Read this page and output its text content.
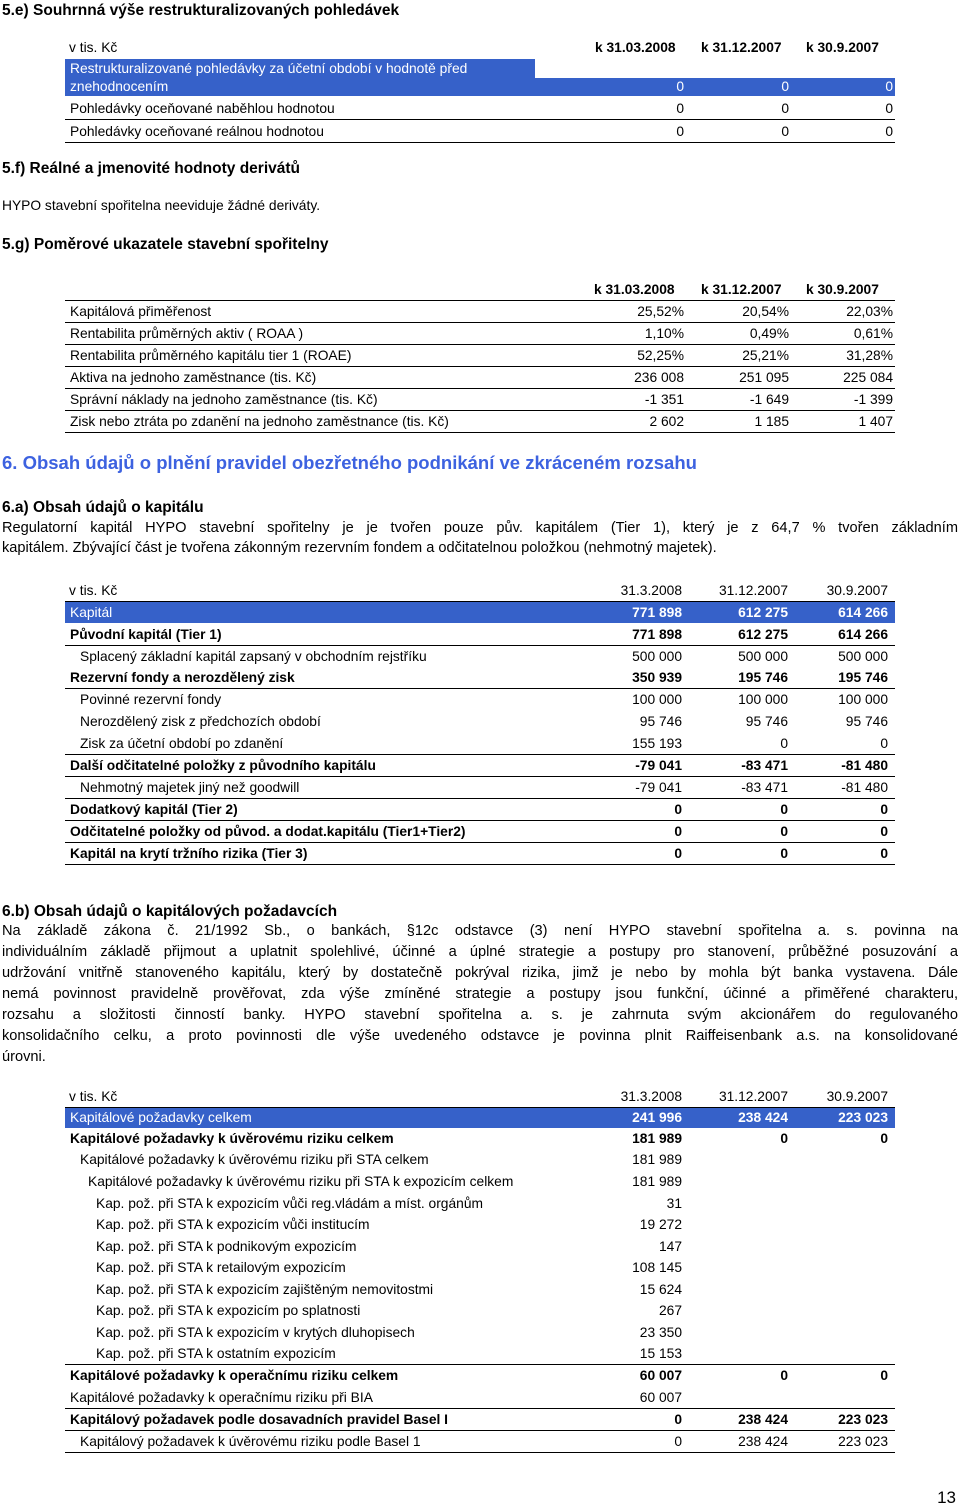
5.e) Souhrnná výše restrukturalizovaných pohledávek
v tis. Kč	k 31.03.2008 k 31.12.2007 k 30.9.2007
Restrukturalizované pohledávky za účetní období v hodnotě před
znehodnocením	0	0	0
Pohledávky oceňované naběhlou hodnotou	0	0	0
Pohledávky oceňované reálnou hodnotou	0	0	0
5.f) Reálné a jmenovité hodnoty derivátů
HYPO stavební spořitelna neeviduje žádné deriváty.
5.g) Poměrové ukazatele stavební spořitelny
k 31.03.2008 k 31.12.2007 k 30.9.2007
Kapitálová přiměřenost	25,52%	20,54%	22,03%
Rentabilita průměrných aktiv ( ROAA )	1,10%	0,49%	0,61%
Rentabilita průměrného kapitálu tier 1 (ROAE)	52,25%	25,21%	31,28%
Aktiva na jednoho zaměstnance (tis. Kč)	236 008	251 095	225 084
Správní náklady na jednoho zaměstnance (tis. Kč)	-1 351	-1 649	-1 399
Zisk nebo ztráta po zdanění na jednoho zaměstnance (tis. Kč)	2 602	1 185	1 407
6. Obsah údajů o plnění pravidel obezřetného podnikání ve zkráceném rozsahu
6.a) Obsah údajů o kapitálu
Regulatorní kapitál HYPO stavební spořitelny je je tvořen pouze pův. kapitálem (Tier 1), který je z 64,7 % tvořen základním
kapitálem. Zbývající část je tvořena zákonným rezervním fondem a odčitatelnou položkou (nehmotný majetek).
v tis. Kč	31.3.2008	31.12.2007	30.9.2007
Kapitál	771 898	612 275	614 266
Původní kapitál (Tier 1)	771 898	612 275	614 266
Splacený základní kapitál zapsaný v obchodním rejstříku	500 000	500 000	500 000
Rezervní fondy a nerozdělený zisk	350 939	195 746	195 746
Povinné rezervní fondy	100 000	100 000	100 000
Nerozdělený zisk z předchozích období	95 746	95 746	95 746
Zisk za účetní období po zdanění	155 193	0	0
Další odčitatelné položky z původního kapitálu	-79 041	-83 471	-81 480
Nehmotný majetek jiný než goodwill	-79 041	-83 471	-81 480
Dodatkový kapitál (Tier 2)	0	0	0
Odčitatelné položky od původ. a dodat.kapitálu (Tier1+Tier2)	0	0	0
Kapitál na krytí tržního rizika (Tier 3)	0	0	0
6.b) Obsah údajů o kapitálových požadavcích
Na základě zákona č. 21/1992 Sb., o bankách, §12c odstavce (3) není HYPO stavební spořitelna a. s. povinna na
individuálním základě přijmout a uplatnit spolehlivé, účinné a úplné strategie a postupy pro stanovení, průběžné posuzování a
udržování vnitřně stanoveného kapitálu, který by dostatečně pokrýval rizika, jimž je nebo by mohla být banka vystavena. Dále
nemá povinnost pravidelně prověřovat, zda výše zmíněné strategie a postupy jsou funkční, účinné a přiměřené charakteru,
rozsahu a složitosti činností banky. HYPO stavební spořitelna a. s. je zahrnuta svým akcionářem do regulovaného
konsolidačního celku, a proto povinnosti dle výše uvedeného odstavce je povinna plnit Raiffeisenbank a.s. na konsolidované
úrovni.
v tis. Kč	31.3.2008	31.12.2007	30.9.2007
Kapitálové požadavky celkem	241 996	238 424	223 023
Kapitálové požadavky k úvěrovému riziku celkem	181 989	0	0
Kapitálové požadavky k úvěrovému riziku při STA celkem	181 989
Kapitálové požadavky k úvěrovému riziku při STA k expozicím celkem	181 989
Kap. pož. při STA k expozicím vůči reg.vládám a míst. orgánům	31
Kap. pož. při STA k expozicím vůči institucím	19 272
Kap. pož. při STA k podnikovým expozicím	147
Kap. pož. při STA k retailovým expozicím	108 145
Kap. pož. při STA k expozicím zajištěným nemovitostmi	15 624
Kap. pož. při STA k expozicím po splatnosti	267
Kap. pož. při STA k expozicím v krytých dluhopisech	23 350
Kap. pož. při STA k ostatním expozicím	15 153
Kapitálové požadavky k operačnímu riziku celkem	60 007	0	0
Kapitálové požadavky k operačnímu riziku při BIA	60 007
Kapitálový požadavek podle dosavadních pravidel Basel I	0	238 424	223 023
Kapitálový požadavek k úvěrovému riziku podle Basel 1	0	238 424	223 023
13
